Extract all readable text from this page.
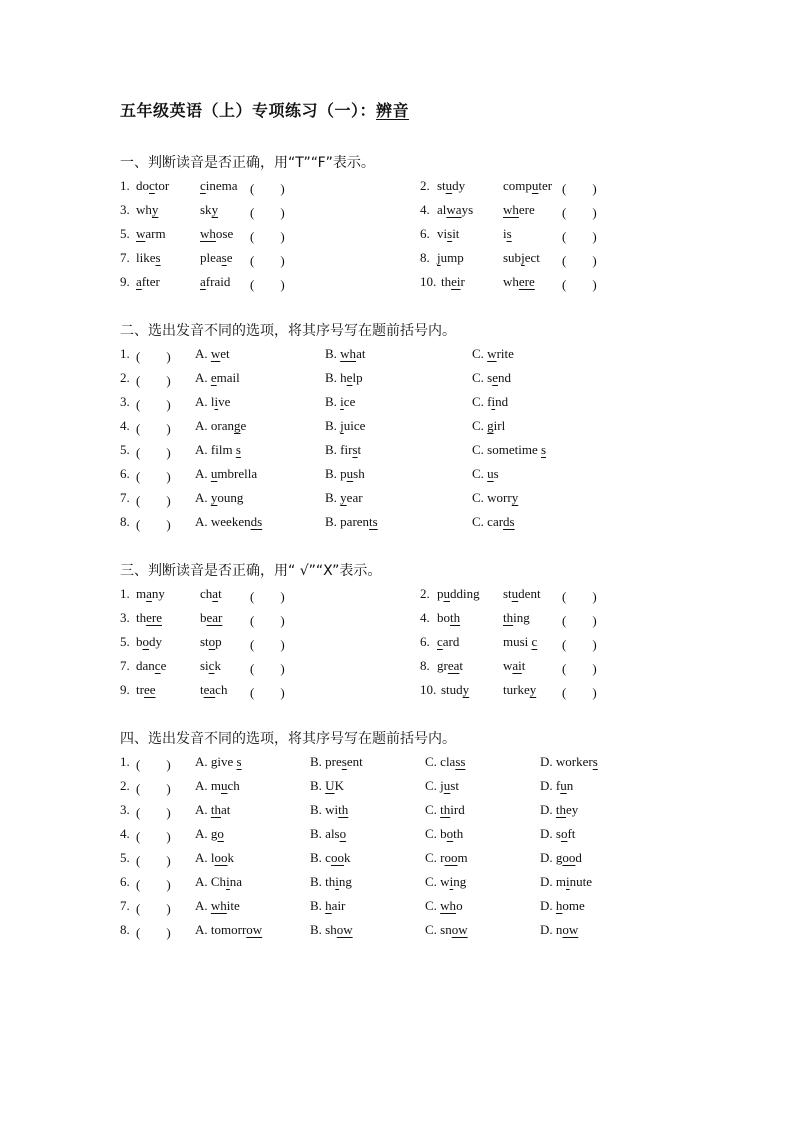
五年级英语（上）专项练习（一）：辨音
一、判断读音是否正确，用“T”“F”表示。
1. doctor cinema (　　)	2. study	computer (　　)
3. why	sky (　　)	4. always where (　　)
5. warm	whose (　　)	6. visit	is	(　　)
7. likes	please (　　)	8. jump	subject (　　)
9. after	afraid (　　)	10. their	where (　　)
二、选出发音不同的选项，将其序号写在题前括号内。
1. (　　) A. wet	B. what	C. write
2. (　　) A. email	B. help	C. send
3. (　　) A. live	B. ice	C. find
4. (　　) A. orange	B. juice	C. girl
5. (　　) A. film s	B. first	C. sometime s
6. (　　) A. umbrella	B. push	C. us
7. (　　) A. young	B. year	C. worry
8. (　　) A. weekends	B. parents	C. cards
三、判断读音是否正确，用“ √”“X”表示。
1. many	chat (　　)	2. pudding student (　　)
3. there	bear (　　)	4. both	thing (　　)
5. body	stop (　　)	6. card	musi c (　　)
7. dance	sick (　　)	8. great	wait	(　　)
9. tree	teach (　　)	10. study	turkey (　　)
四、选出发音不同的选项，将其序号写在题前括号内。
1. (　　) A. give s	B. present	C. class	D. workers
2. (　　) A. much	B. UK	C. just	D. fun
3. (　　) A. that	B. with	C. third	D. they
4. (　　) A. go	B. also	C. both	D. soft
5. (　　) A. look	B. cook	C. room	D. good
6. (　　) A. China	B. thing	C. wing	D. minute
7. (　　) A. white	B. hair	C. who	D. home
8. (　　) A. tomorrow	B. show	C. snow	D. now
